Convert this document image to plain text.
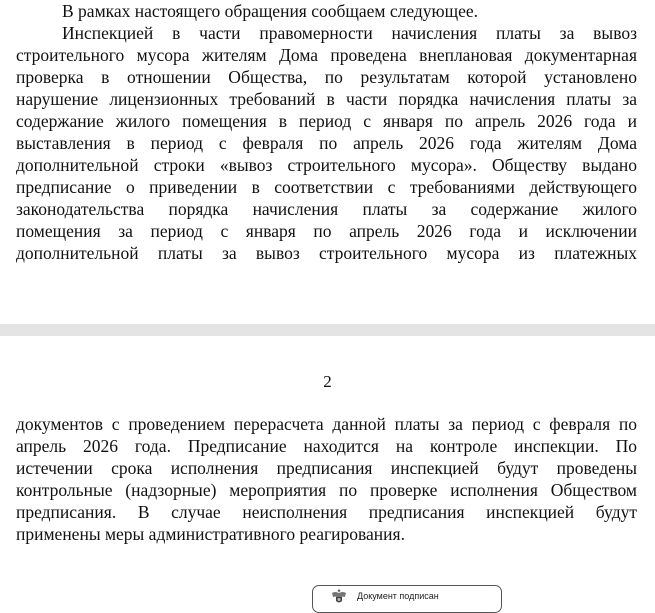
В рамках настоящего обращения сообщаем следующее.
Инспекцией в части правомерности начисления платы за вывоз
строительного мусора жителям Дома проведена внеплановая документарная
проверка в отношении Общества, по результатам которой установлено
нарушение лицензионных требований в части порядка начисления платы за
содержание жилого помещения в период с января по апрель 2026 года и
выставления в период с февраля по апрель 2026 года жителям Дома
дополнительной строки «вывоз строительного мусора». Обществу выдано
предписание о приведении в соответствии с требованиями действующего
законодательства порядка начисления платы за содержание жилого
помещения за период с января по апрель 2026 года и исключении
дополнительной платы за вывоз строительного мусора из платежных
2
документов с проведением перерасчета данной платы за период с февраля по
апрель 2026 года. Предписание находится на контроле инспекции. По
истечении срока исполнения предписания инспекцией будут проведены
контрольные (надзорные) мероприятия по проверке исполнения Обществом
предписания. В случае неисполнения предписания инспекцией будут
применены меры административного реагирования.
Документ подписан
